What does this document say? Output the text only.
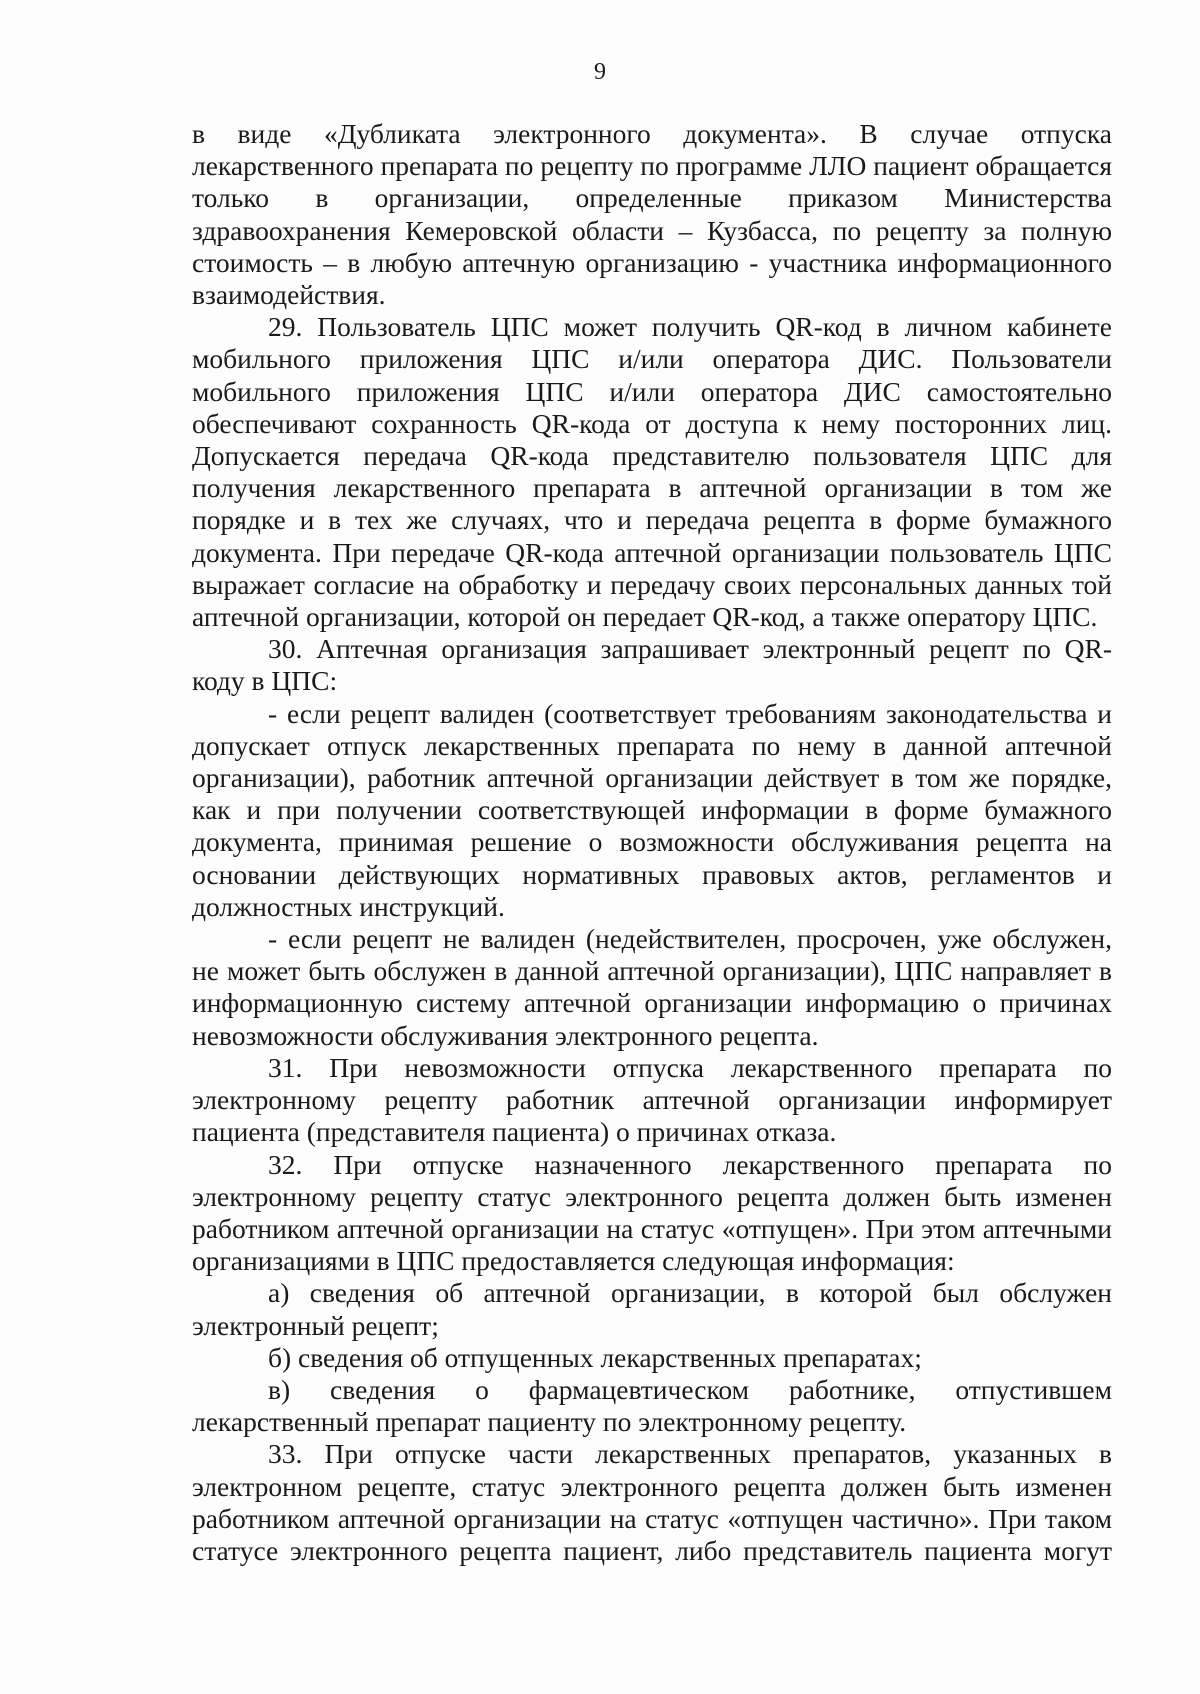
9

в виде «Дубликата электронного документа». В случае отпуска лекарственного препарата по рецепту по программе ЛЛО пациент обращается только в организации, определенные приказом Министерства здравоохранения Кемеровской области – Кузбасса, по рецепту за полную стоимость – в любую аптечную организацию - участника информационного взаимодействия.

29. Пользователь ЦПС может получить QR-код в личном кабинете мобильного приложения ЦПС и/или оператора ДИС. Пользователи мобильного приложения ЦПС и/или оператора ДИС самостоятельно обеспечивают сохранность QR-кода от доступа к нему посторонних лиц. Допускается передача QR-кода представителю пользователя ЦПС для получения лекарственного препарата в аптечной организации в том же порядке и в тех же случаях, что и передача рецепта в форме бумажного документа. При передаче QR-кода аптечной организации пользователь ЦПС выражает согласие на обработку и передачу своих персональных данных той аптечной организации, которой он передает QR-код, а также оператору ЦПС.

30. Аптечная организация запрашивает электронный рецепт по QR-коду в ЦПС:

- если рецепт валиден (соответствует требованиям законодательства и допускает отпуск лекарственных препарата по нему в данной аптечной организации), работник аптечной организации действует в том же порядке, как и при получении соответствующей информации в форме бумажного документа, принимая решение о возможности обслуживания рецепта на основании действующих нормативных правовых актов, регламентов и должностных инструкций.

- если рецепт не валиден (недействителен, просрочен, уже обслужен, не может быть обслужен в данной аптечной организации), ЦПС направляет в информационную систему аптечной организации информацию о причинах невозможности обслуживания электронного рецепта.

31. При невозможности отпуска лекарственного препарата по электронному рецепту работник аптечной организации информирует пациента (представителя пациента) о причинах отказа.

32. При отпуске назначенного лекарственного препарата по электронному рецепту статус электронного рецепта должен быть изменен работником аптечной организации на статус «отпущен». При этом аптечными организациями в ЦПС предоставляется следующая информация:

а) сведения об аптечной организации, в которой был обслужен электронный рецепт;

б) сведения об отпущенных лекарственных препаратах;

в) сведения о фармацевтическом работнике, отпустившем лекарственный препарат пациенту по электронному рецепту.

33. При отпуске части лекарственных препаратов, указанных в электронном рецепте, статус электронного рецепта должен быть изменен работником аптечной организации на статус «отпущен частично». При таком статусе электронного рецепта пациент, либо представитель пациента могут
